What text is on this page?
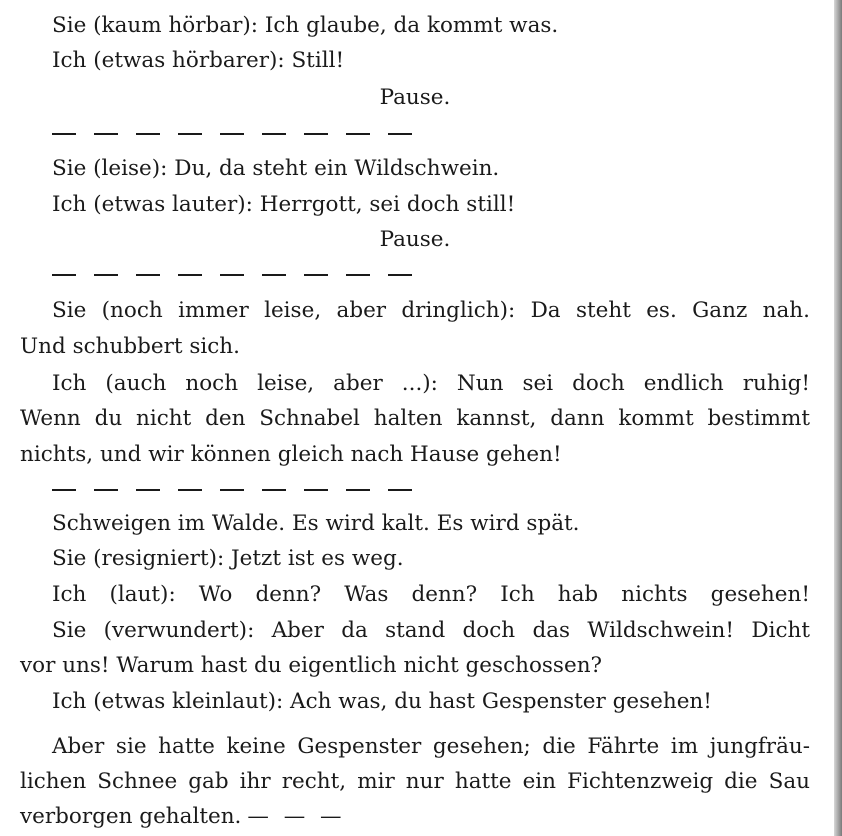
Sie (kaum hörbar): Ich glaube, da kommt was.
Ich (etwas hörbarer): Still!
Pause.
Sie (leise): Du, da steht ein Wildschwein.
Ich (etwas lauter): Herrgott, sei doch still!
Pause.
Sie (noch immer leise, aber dringlich): Da steht es. Ganz nah.
Und schubbert sich.
Ich (auch noch leise, aber ...): Nun sei doch endlich ruhig!
Wenn du nicht den Schnabel halten kannst, dann kommt bestimmt
nichts, und wir können gleich nach Hause gehen!
Schweigen im Walde. Es wird kalt. Es wird spät.
Sie (resigniert): Jetzt ist es weg.
Ich (laut): Wo denn? Was denn? Ich hab nichts gesehen!
Sie (verwundert): Aber da stand doch das Wildschwein! Dicht
vor uns! Warum hast du eigentlich nicht geschossen?
Ich (etwas kleinlaut): Ach was, du hast Gespenster gesehen!
Aber sie hatte keine Gespenster gesehen; die Fährte im jungfräu-
lichen Schnee gab ihr recht, mir nur hatte ein Fichtenzweig die Sau
verborgen gehalten. — — —
